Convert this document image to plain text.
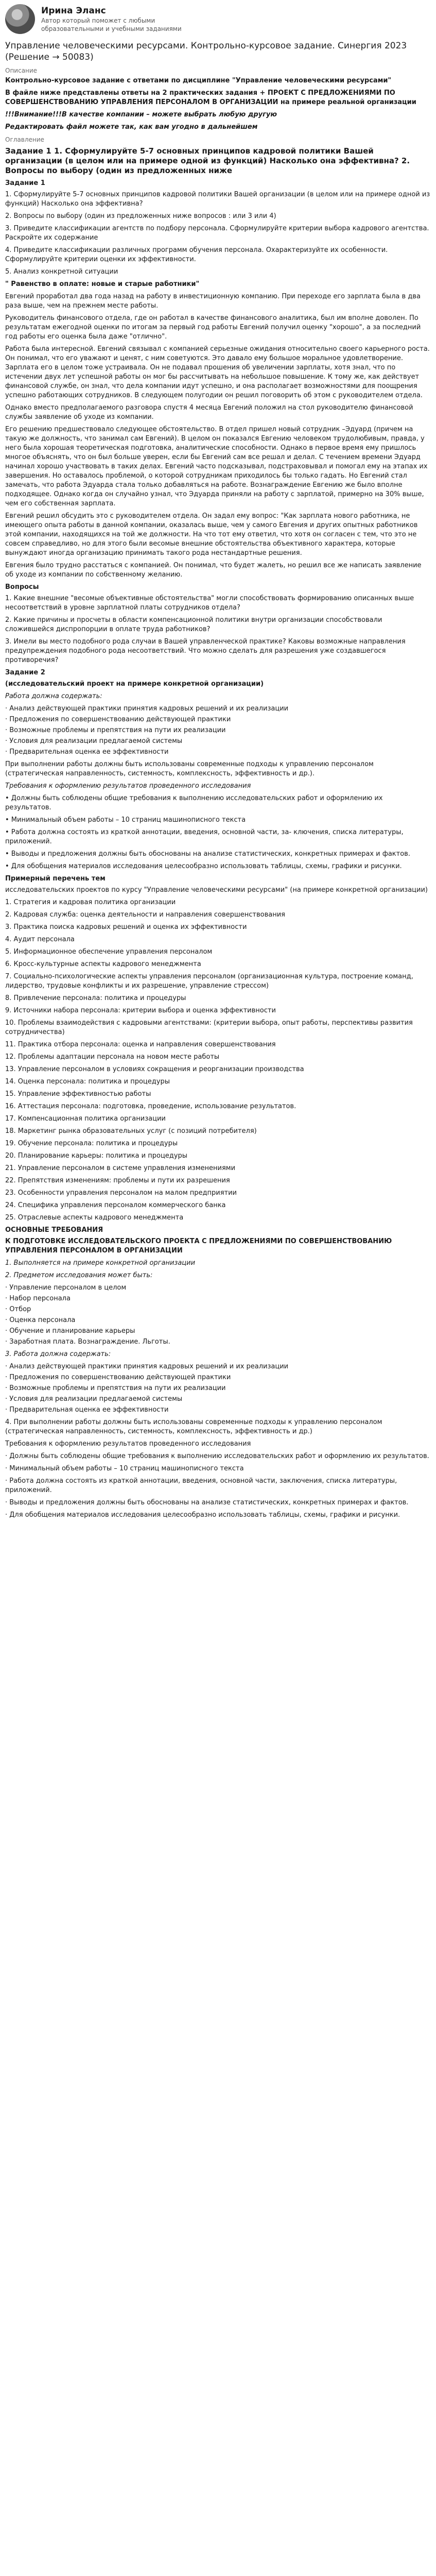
Ирина Эланс
Автор который поможет с любыми образовательными и учебными заданиями
Управление человеческими ресурсами. Контрольно-курсовое задание. Синергия 2023 (Решение → 50083)
Описание

Контрольно-курсовое задание с ответами по дисциплине "Управление человеческими ресурсами"

В файле ниже представлены ответы на 2 практических задания + ПРОЕКТ С ПРЕДЛОЖЕНИЯМИ ПО СОВЕРШЕНСТВОВАНИЮ УПРАВЛЕНИЯ ПЕРСОНАЛОМ В ОРГАНИЗАЦИИ на примере реальной организации

!!!Внимание!!!В качестве компании – можете выбрать любую другую

Редактировать файл можете так, как вам угодно в дальнейшем

Оглавление
Задание 1 1. Сформулируйте 5-7 основных принципов кадровой политики Вашей организации (в целом или на примере одной из функций) Насколько она эффективна? 2. Вопросы по выбору (один из предложенных ниже
Задание 1
1. Сформулируйте 5-7 основных принципов кадровой политики Вашей организации (в целом или на примере одной из функций) Насколько она эффективна?
2. Вопросы по выбору (один из предложенных ниже вопросов : или 3 или 4)
3. Приведите классификации агентств по подбору персонала. Сформулируйте критерии выбора кадрового агентства. Раскройте их содержание
4. Приведите классификации различных программ обучения персонала. Охарактеризуйте их особенности. Сформулируйте критерии оценки их эффективности.
5. Анализ конкретной ситуации

" Равенство в оплате: новые и старые работники"

Евгений проработал два года назад на работу в инвестиционную компанию. При переходе его зарплата была в два раза выше, чем на прежнем месте работы.

Руководитель финансового отдела, где он работал в качестве финансового аналитика, был им вполне доволен. По результатам ежегодной оценки по итогам за первый год работы Евгений получил оценку "хорошо", а за последний год работы его оценка была даже "отлично".

Работа была интересной. Евгений связывал с компанией серьезные ожидания относительно своего карьерного роста. Он понимал, что его уважают и ценят, с ним советуются. Это давало ему большое моральное удовлетворение. Зарплата его в целом тоже устраивала. Он не подавал прошения об увеличении зарплаты, хотя знал, что по истечении двух лет успешной работы он мог бы рассчитывать на небольшое повышение. К тому же, как действует финансовой службе, он знал, что дела компании идут успешно, и она располагает возможностями для поощрения успешно работающих сотрудников. В следующем полугодии он решил поговорить об этом с руководителем отдела.

Однако вместо предполагаемого разговора спустя 4 месяца Евгений положил на стол руководителю финансовой службы заявление об уходе из компании.

Его решению предшествовало следующее обстоятельство. В отдел пришел новый сотрудник –Эдуард (причем на такую же должность, что занимал сам Евгений). В целом он показался Евгению человеком трудолюбивым, правда, у него была хорошая теоретическая подготовка, аналитические способности. Однако в первое время ему пришлось многое объяснять, что он был больше уверен, если бы Евгений сам все решал и делал. С течением времени Эдуард начинал хорошо участвовать в таких делах. Евгений часто подсказывал, подстраховывал и помогал ему на этапах их завершения. Но оставалось проблемой, о которой сотрудникам приходилось бы только гадать. Но Евгений стал замечать, что работа Эдуарда стала только добавляться на работе. Вознаграждение Евгению же было вполне подходящее. Однако когда он случайно узнал, что Эдуарда приняли на работу с зарплатой, примерно на 30% выше, чем его собственная зарплата.

Евгений решил обсудить это с руководителем отдела. Он задал ему вопрос: "Как зарплата нового работника, не имеющего опыта работы в данной компании, оказалась выше, чем у самого Евгения и других опытных работников этой компании, находящихся на той же должности. На что тот ему ответил, что хотя он согласен с тем, что это не совсем справедливо, но для этого были весомые внешние обстоятельства объективного характера, которые вынуждают иногда организацию принимать такого рода нестандартные решения.

Евгения было трудно расстаться с компанией. Он понимал, что будет жалеть, но решил все же написать заявление об уходе из компании по собственному желанию.

Вопросы
1. Какие внешние "весомые объективные обстоятельства" могли способствовать формированию описанных выше несоответствий в уровне зарплатной платы сотрудников отдела?
2. Какие причины и просчеты в области компенсационной политики внутри организации способствовали сложившейся диспропорции в оплате труда работников?
3. Имели вы место подобного рода случаи в Вашей управленческой практике? Каковы возможные направления предупреждения подобного рода несоответствий. Что можно сделать для разрешения уже создавшегося противоречия?
Задание 2

(исследовательский проект на примере конкретной организации)

Работа должна содержать:

· Анализ действующей практики принятия кадровых решений и их реализации
· Предложения по совершенствованию действующей практики
· Возможные проблемы и препятствия на пути их реализации
· Условия для реализации предлагаемой системы
· Предварительная оценка ее эффективности

При выполнении работы должны быть использованы современные подходы к управлению персоналом (стратегическая направленность, системность, комплексность, эффективность и др.).

Требования к оформлению результатов проведенного исследования

• Должны быть соблюдены общие требования к выполнению исследовательских работ и оформлению их результатов.
• Минимальный объем работы – 10 страниц машинописного текста
• Работа должна состоять из краткой аннотации, введения, основной части, за- ключения, списка литературы, приложений.
• Выводы и предложения должны быть обоснованы на анализе статистических, конкретных примерах и фактов.
• Для обобщения материалов исследования целесообразно использовать таблицы, схемы, графики и рисунки.
Примерный перечень тем

исследовательских проектов по курсу "Управление человеческими ресурсами" (на примере конкретной организации)

1. Стратегия и кадровая политика организации
2. Кадровая служба: оценка деятельности и направления совершенствования
3. Практика поиска кадровых решений и оценка их эффективности
4. Аудит персонала
5. Информационное обеспечение управления персоналом
6. Кросс-культурные аспекты кадрового менеджмента
7. Социально-психологические аспекты управления персоналом (организационная культура, построение команд, лидерство, трудовые конфликты и их разрешение, управление стрессом)
8. Привлечение персонала: политика и процедуры
9. Источники набора персонала: критерии выбора и оценка эффективности
10. Проблемы взаимодействия с кадровыми агентствами: (критерии выбора, опыт работы, перспективы развития сотрудничества)
11. Практика отбора персонала: оценка и направления совершенствования
12. Проблемы адаптации персонала на новом месте работы
13. Управление персоналом в условиях сокращения и реорганизации производства
14. Оценка персонала: политика и процедуры
15. Управление эффективностью работы
16. Аттестация персонала: подготовка, проведение, использование результатов.
17. Компенсационная политика организации
18. Маркетинг рынка образовательных услуг (с позиций потребителя)
19. Обучение персонала: политика и процедуры
20. Планирование карьеры: политика и процедуры
21. Управление персоналом в системе управления изменениями
22. Препятствия изменениям: проблемы и пути их разрешения
23. Особенности управления персоналом на малом предприятии
24. Специфика управления персоналом коммерческого банка
25. Отраслевые аспекты кадрового менеджмента
ОСНОВНЫЕ ТРЕБОВАНИЯ

К ПОДГОТОВКЕ ИССЛЕДОВАТЕЛЬСКОГО ПРОЕКТА С ПРЕДЛОЖЕНИЯМИ ПО СОВЕРШЕНСТВОВАНИЮ УПРАВЛЕНИЯ ПЕРСОНАЛОМ В ОРГАНИЗАЦИИ

1. Выполняется на примере конкретной организации

2. Предметом исследования может быть:

· Управление персоналом в целом
· Набор персонала
· Отбор
· Оценка персонала
· Обучение и планирование карьеры
· Заработная плата. Вознаграждение. Льготы.

3. Работа должна содержать:

· Анализ действующей практики принятия кадровых решений и их реализации
· Предложения по совершенствованию действующей практики
· Возможные проблемы и препятствия на пути их реализации
· Условия для реализации предлагаемой системы
· Предварительная оценка ее эффективности

4. При выполнении работы должны быть использованы современные подходы к управлению персоналом (стратегическая направленность, системность, комплексность, эффективность и др.)

Требования к оформлению результатов проведенного исследования

· Должны быть соблюдены общие требования к выполнению исследовательских работ и оформлению их результатов.
· Минимальный объем работы – 10 страниц машинописного текста
· Работа должна состоять из краткой аннотации, введения, основной части, заключения, списка литературы, приложений.
· Выводы и предложения должны быть обоснованы на анализе статистических, конкретных примерах и фактов.
· Для обобщения материалов исследования целесообразно использовать таблицы, схемы, графики и рисунки.
